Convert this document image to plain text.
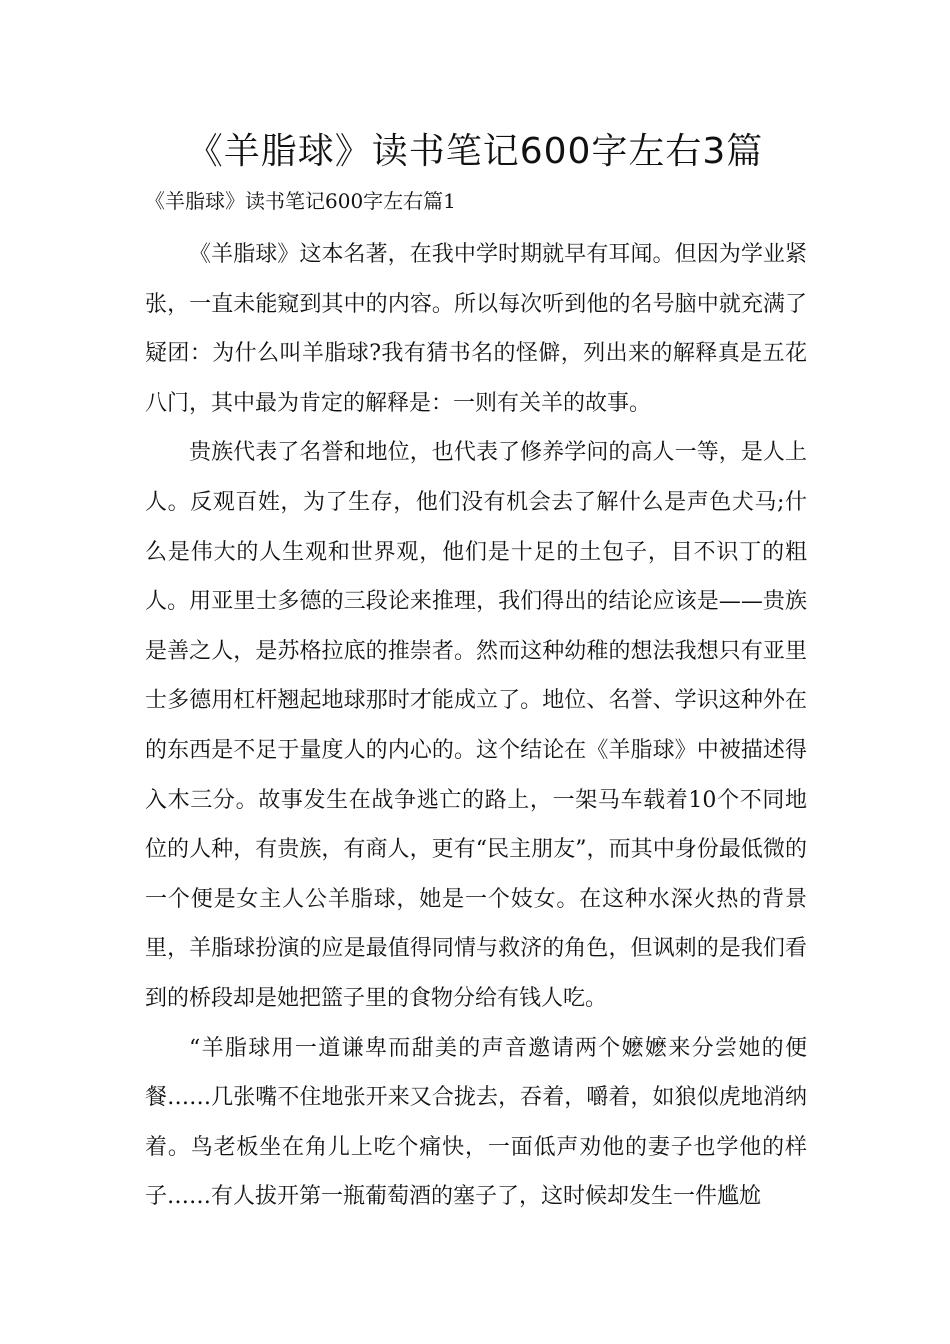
《羊脂球》读书笔记600字左右3篇
《羊脂球》读书笔记600字左右篇1

《羊脂球》这本名著，在我中学时期就早有耳闻。但因为学业紧张，一直未能窥到其中的内容。所以每次听到他的名号脑中就充满了疑团：为什么叫羊脂球?我有猜书名的怪僻，列出来的解释真是五花八门，其中最为肯定的解释是：一则有关羊的故事。

贵族代表了名誉和地位，也代表了修养学问的高人一等，是人上人。反观百姓，为了生存，他们没有机会去了解什么是声色犬马;什么是伟大的人生观和世界观，他们是十足的土包子，目不识丁的粗人。用亚里士多德的三段论来推理，我们得出的结论应该是——贵族是善之人，是苏格拉底的推崇者。然而这种幼稚的想法我想只有亚里士多德用杠杆翘起地球那时才能成立了。地位、名誉、学识这种外在的东西是不足于量度人的内心的。这个结论在《羊脂球》中被描述得入木三分。故事发生在战争逃亡的路上，一架马车载着10个不同地位的人种，有贵族，有商人，更有“民主朋友”，而其中身份最低微的一个便是女主人公羊脂球，她是一个妓女。在这种水深火热的背景里，羊脂球扮演的应是最值得同情与救济的角色，但讽刺的是我们看到的桥段却是她把篮子里的食物分给有钱人吃。

“羊脂球用一道谦卑而甜美的声音邀请两个嬷嬷来分尝她的便餐……几张嘴不住地张开来又合拢去，吞着，嚼着，如狼似虎地消纳着。鸟老板坐在角儿上吃个痛快，一面低声劝他的妻子也学他的样子……有人拔开第一瓶葡萄酒的塞子了，这时候却发生一件尴尬
